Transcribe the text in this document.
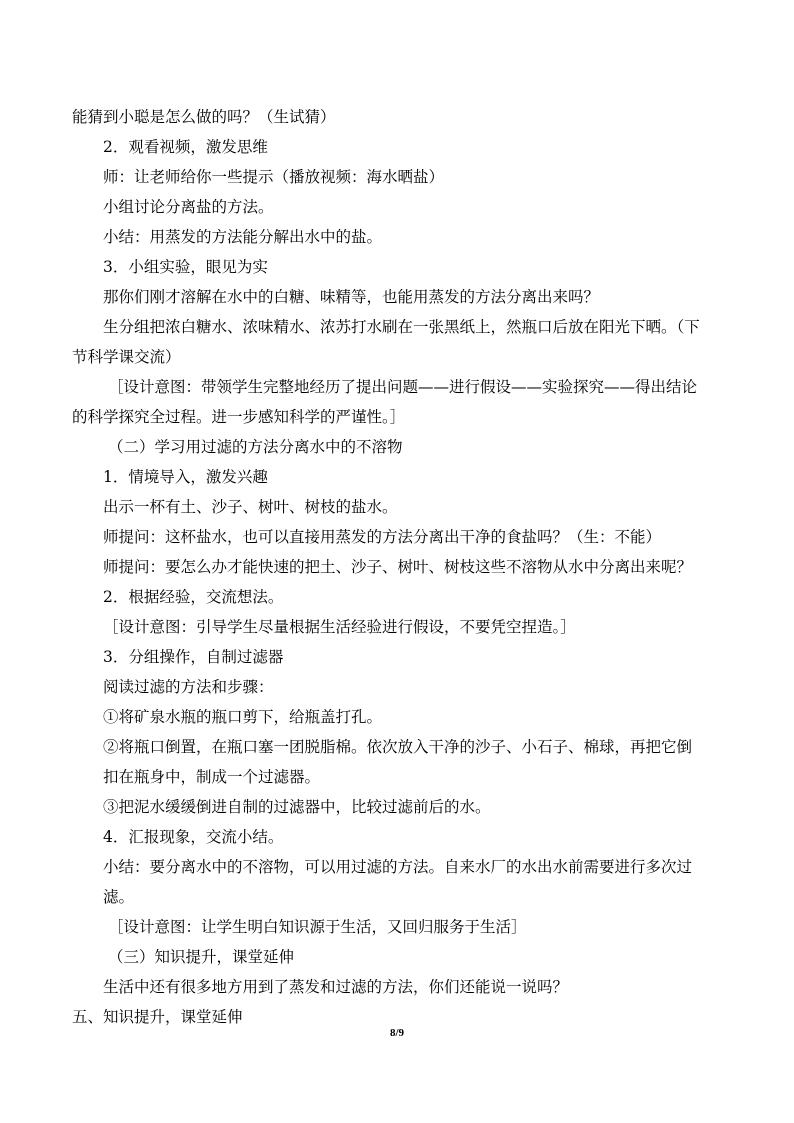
能猜到小聪是怎么做的吗？（生试猜）
2．观看视频，激发思维
师：让老师给你一些提示（播放视频：海水晒盐）
小组讨论分离盐的方法。
小结：用蒸发的方法能分解出水中的盐。
3．小组实验，眼见为实
那你们刚才溶解在水中的白糖、味精等，也能用蒸发的方法分离出来吗？
生分组把浓白糖水、浓味精水、浓苏打水刷在一张黑纸上，然瓶口后放在阳光下晒。（下
节科学课交流）
［设计意图：带领学生完整地经历了提出问题——进行假设——实验探究——得出结论
的科学探究全过程。进一步感知科学的严谨性。］
（二）学习用过滤的方法分离水中的不溶物
1．情境导入，激发兴趣
出示一杯有土、沙子、树叶、树枝的盐水。
师提问：这杯盐水，也可以直接用蒸发的方法分离出干净的食盐吗？（生：不能）
师提问：要怎么办才能快速的把土、沙子、树叶、树枝这些不溶物从水中分离出来呢？
2．根据经验，交流想法。
［设计意图：引导学生尽量根据生活经验进行假设，不要凭空捏造。］
3．分组操作，自制过滤器
阅读过滤的方法和步骤：
①将矿泉水瓶的瓶口剪下，给瓶盖打孔。
②将瓶口倒置，在瓶口塞一团脱脂棉。依次放入干净的沙子、小石子、棉球，再把它倒
扣在瓶身中，制成一个过滤器。
③把泥水缓缓倒进自制的过滤器中，比较过滤前后的水。
4．汇报现象，交流小结。
小结：要分离水中的不溶物，可以用过滤的方法。自来水厂的水出水前需要进行多次过
滤。
［设计意图：让学生明白知识源于生活，又回归服务于生活］
（三）知识提升，课堂延伸
生活中还有很多地方用到了蒸发和过滤的方法，你们还能说一说吗？
五、知识提升，课堂延伸
8/9
